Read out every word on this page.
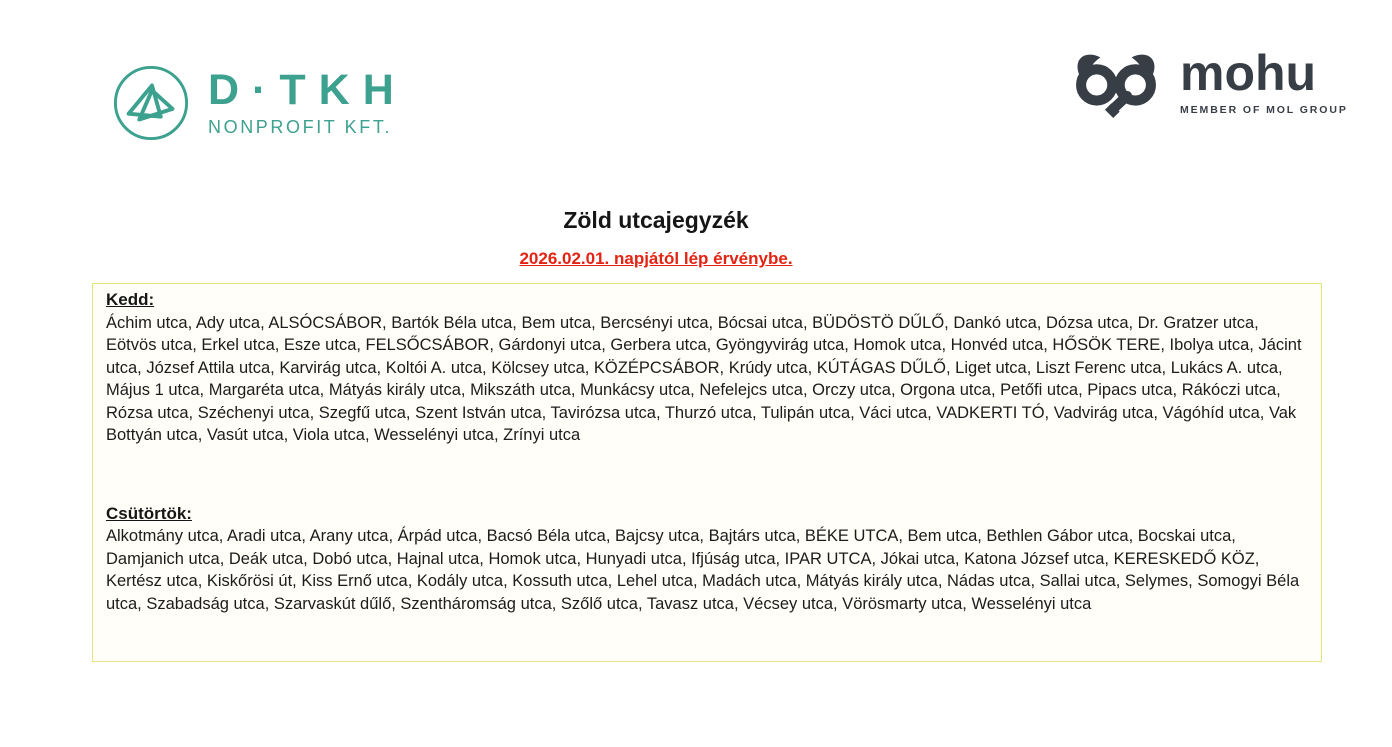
D·TKH
NONPROFIT KFT.
mohu
MEMBER OF MOL GROUP
Zöld utcajegyzék

2026.02.01. napjától lép érvénybe.

Kedd:

Áchim utca, Ady utca, ALSÓCSÁBOR, Bartók Béla utca, Bem utca, Bercsényi utca, Bócsai utca, BÜDÖSTÖ DŰLŐ, Dankó utca, Dózsa utca, Dr. Gratzer utca, Eötvös utca, Erkel utca, Esze utca, FELSŐCSÁBOR, Gárdonyi utca, Gerbera utca, Gyöngyvirág utca, Homok utca, Honvéd utca, HŐSÖK TERE, Ibolya utca, Jácint utca, József Attila utca, Karvirág utca, Koltói A. utca, Kölcsey utca, KÖZÉPCSÁBOR, Krúdy utca, KÚTÁGAS DŰLŐ, Liget utca, Liszt Ferenc utca, Lukács A. utca, Május 1 utca, Margaréta utca, Mátyás király utca, Mikszáth utca, Munkácsy utca, Nefelejcs utca, Orczy utca, Orgona utca, Petőfi utca, Pipacs utca, Rákóczi utca, Rózsa utca, Széchenyi utca, Szegfű utca, Szent István utca, Tavirózsa utca, Thurzó utca, Tulipán utca, Váci utca, VADKERTI TÓ, Vadvirág utca, Vágóhíd utca, Vak Bottyán utca, Vasút utca, Viola utca, Wesselényi utca, Zrínyi utca

Csütörtök:

Alkotmány utca, Aradi utca, Arany utca, Árpád utca, Bacsó Béla utca, Bajcsy utca, Bajtárs utca, BÉKE UTCA, Bem utca, Bethlen Gábor utca, Bocskai utca, Damjanich utca, Deák utca, Dobó utca, Hajnal utca, Homok utca, Hunyadi utca, Ifjúság utca, IPAR UTCA, Jókai utca, Katona József utca, KERESKEDŐ KÖZ, Kertész utca, Kiskőrösi út, Kiss Ernő utca, Kodály utca, Kossuth utca, Lehel utca, Madách utca, Mátyás király utca, Nádas utca, Sallai utca, Selymes, Somogyi Béla utca, Szabadság utca, Szarvaskút dűlő, Szentháromság utca, Szőlő utca, Tavasz utca, Vécsey utca, Vörösmarty utca, Wesselényi utca
